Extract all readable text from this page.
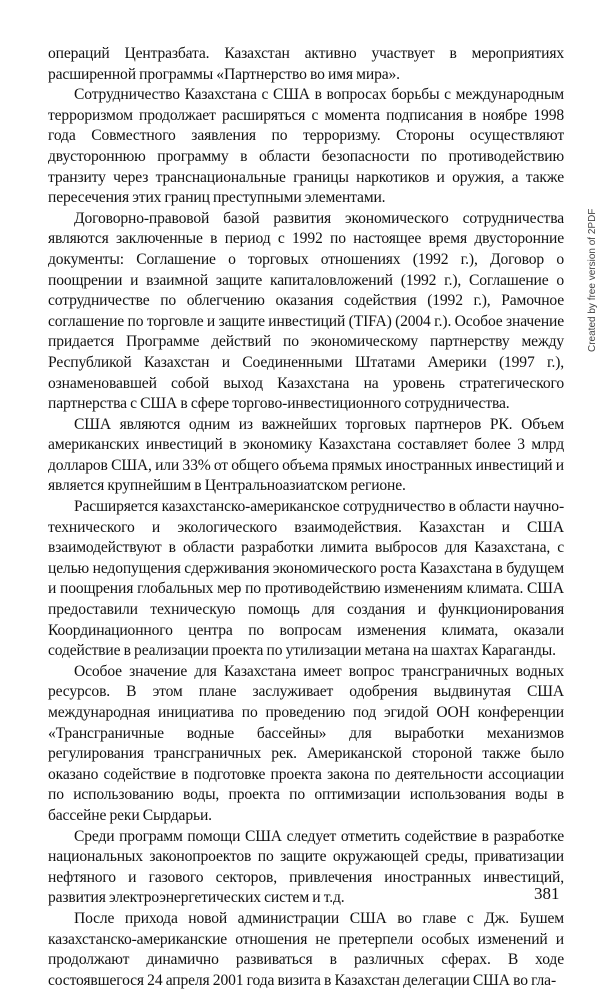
операций Центразбата. Казахстан активно участвует в мероприятиях расширенной программы «Партнерство во имя мира».

Сотрудничество Казахстана с США в вопросах борьбы с международным терроризмом продолжает расширяться с момента подписания в ноябре 1998 года Совместного заявления по терроризму. Стороны осуществляют двустороннюю программу в области безопасности по противодействию транзиту через транснациональные границы наркотиков и оружия, а также пересечения этих границ преступными элементами.

Договорно-правовой базой развития экономического сотрудничества являются заключенные в период с 1992 по настоящее время двусторонние документы: Соглашение о торговых отношениях (1992 г.), Договор о поощрении и взаимной защите капиталовложений (1992 г.), Соглашение о сотрудничестве по облегчению оказания содействия (1992 г.), Рамочное соглашение по торговле и защите инвестиций (TIFA) (2004 г.). Особое значение придается Программе действий по экономическому партнерству между Республикой Казахстан и Соединенными Штатами Америки (1997 г.), ознаменовавшей собой выход Казахстана на уровень стратегического партнерства с США в сфере торгово-инвестиционного сотрудничества.

США являются одним из важнейших торговых партнеров РК. Объем американских инвестиций в экономику Казахстана составляет более 3 млрд долларов США, или 33% от общего объема прямых иностранных инвестиций и является крупнейшим в Центральноазиатском регионе.

Расширяется казахстанско-американское сотрудничество в области научно-технического и экологического взаимодействия. Казахстан и США взаимодействуют в области разработки лимита выбросов для Казахстана, с целью недопущения сдерживания экономического роста Казахстана в будущем и поощрения глобальных мер по противодействию изменениям климата. США предоставили техническую помощь для создания и функционирования Координационного центра по вопросам изменения климата, оказали содействие в реализации проекта по утилизации метана на шахтах Караганды.

Особое значение для Казахстана имеет вопрос трансграничных водных ресурсов. В этом плане заслуживает одобрения выдвинутая США международная инициатива по проведению под эгидой ООН конференции «Трансграничные водные бассейны» для выработки механизмов регулирования трансграничных рек. Американской стороной также было оказано содействие в подготовке проекта закона по деятельности ассоциации по использованию воды, проекта по оптимизации использования воды в бассейне реки Сырдарьи.

Среди программ помощи США следует отметить содействие в разработке национальных законопроектов по защите окружающей среды, приватизации нефтяного и газового секторов, привлечения иностранных инвестиций, развития электроэнергетических систем и т.д.

После прихода новой администрации США во главе с Дж. Бушем казахстанско-американские отношения не претерпели особых изменений и продолжают динамично развиваться в различных сферах. В ходе состоявшегося 24 апреля 2001 года визита в Казахстан делегации США во гла-

Created by free version of 2PDF
381
